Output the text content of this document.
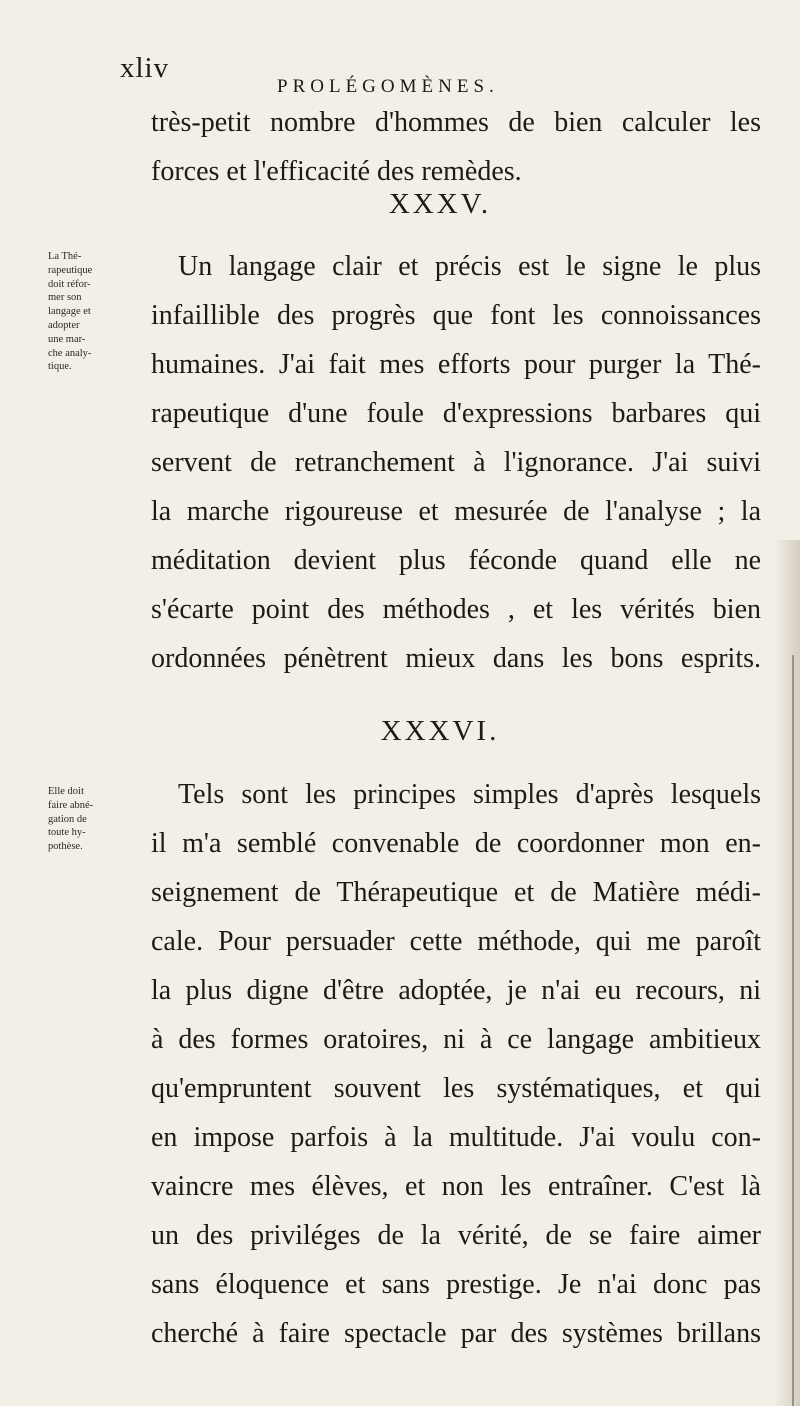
xliv
PROLÉGOMÈNES.
très-petit nombre d'hommes de bien calculer les
forces et l'efficacité des remèdes.
XXXV.
La Thé-
rapeutique
doit réfor-
mer son
langage et
adopter
une mar-
che analy-
tique.
Un langage clair et précis est le signe le plus
infaillible des progrès que font les connoissances
humaines. J'ai fait mes efforts pour purger la Thé-
rapeutique d'une foule d'expressions barbares qui
servent de retranchement à l'ignorance. J'ai suivi
la marche rigoureuse et mesurée de l'analyse ; la
méditation devient plus féconde quand elle ne
s'écarte point des méthodes , et les vérités bien
ordonnées pénètrent mieux dans les bons esprits.
XXXVI.
Elle doit
faire abné-
gation de
toute hy-
pothèse.
Tels sont les principes simples d'après lesquels
il m'a semblé convenable de coordonner mon en-
seignement de Thérapeutique et de Matière médi-
cale. Pour persuader cette méthode, qui me paroît
la plus digne d'être adoptée, je n'ai eu recours, ni
à des formes oratoires, ni à ce langage ambitieux
qu'empruntent souvent les systématiques, et qui
en impose parfois à la multitude. J'ai voulu con-
vaincre mes élèves, et non les entraîner. C'est là
un des priviléges de la vérité, de se faire aimer
sans éloquence et sans prestige. Je n'ai donc pas
cherché à faire spectacle par des systèmes brillans
